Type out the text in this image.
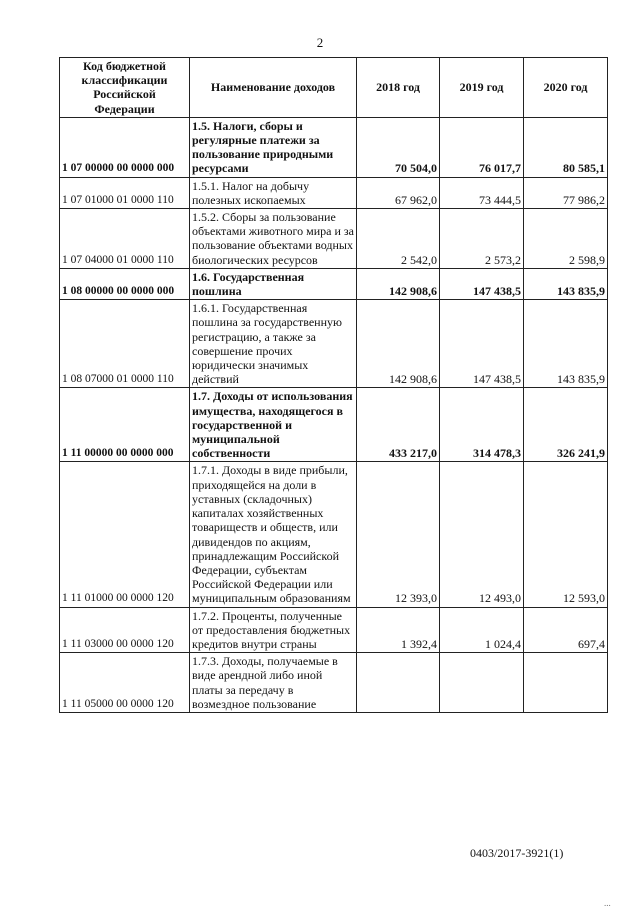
2
Код бюджетной классификации Российской Федерации	Наименование доходов	2018 год	2019 год	2020 год
1 07 00000 00 0000 000	1.5. Налоги, сборы и регулярные платежи за пользование природными ресурсами	70 504,0	76 017,7	80 585,1
1 07 01000 01 0000 110	1.5.1. Налог на добычу полезных ископаемых	67 962,0	73 444,5	77 986,2
1 07 04000 01 0000 110	1.5.2. Сборы за пользование объектами животного мира и за пользование объектами водных биологических ресурсов	2 542,0	2 573,2	2 598,9
1 08 00000 00 0000 000	1.6. Государственная пошлина	142 908,6	147 438,5	143 835,9
1 08 07000 01 0000 110	1.6.1. Государственная пошлина за государственную регистрацию, а также за совершение прочих юридически значимых действий	142 908,6	147 438,5	143 835,9
1 11 00000 00 0000 000	1.7. Доходы от использования имущества, находящегося в государственной и муниципальной собственности	433 217,0	314 478,3	326 241,9
1 11 01000 00 0000 120	1.7.1. Доходы в виде прибыли, приходящейся на доли в уставных (складочных) капиталах хозяйственных товариществ и обществ, или дивидендов по акциям, принадлежащим Российской Федерации, субъектам Российской Федерации или муниципальным образованиям	12 393,0	12 493,0	12 593,0
1 11 03000 00 0000 120	1.7.2. Проценты, полученные от предоставления бюджетных кредитов внутри страны	1 392,4	1 024,4	697,4
1 11 05000 00 0000 120	1.7.3. Доходы, получаемые в виде арендной либо иной платы за передачу в возмездное пользование			
0403/2017-3921(1)
...
